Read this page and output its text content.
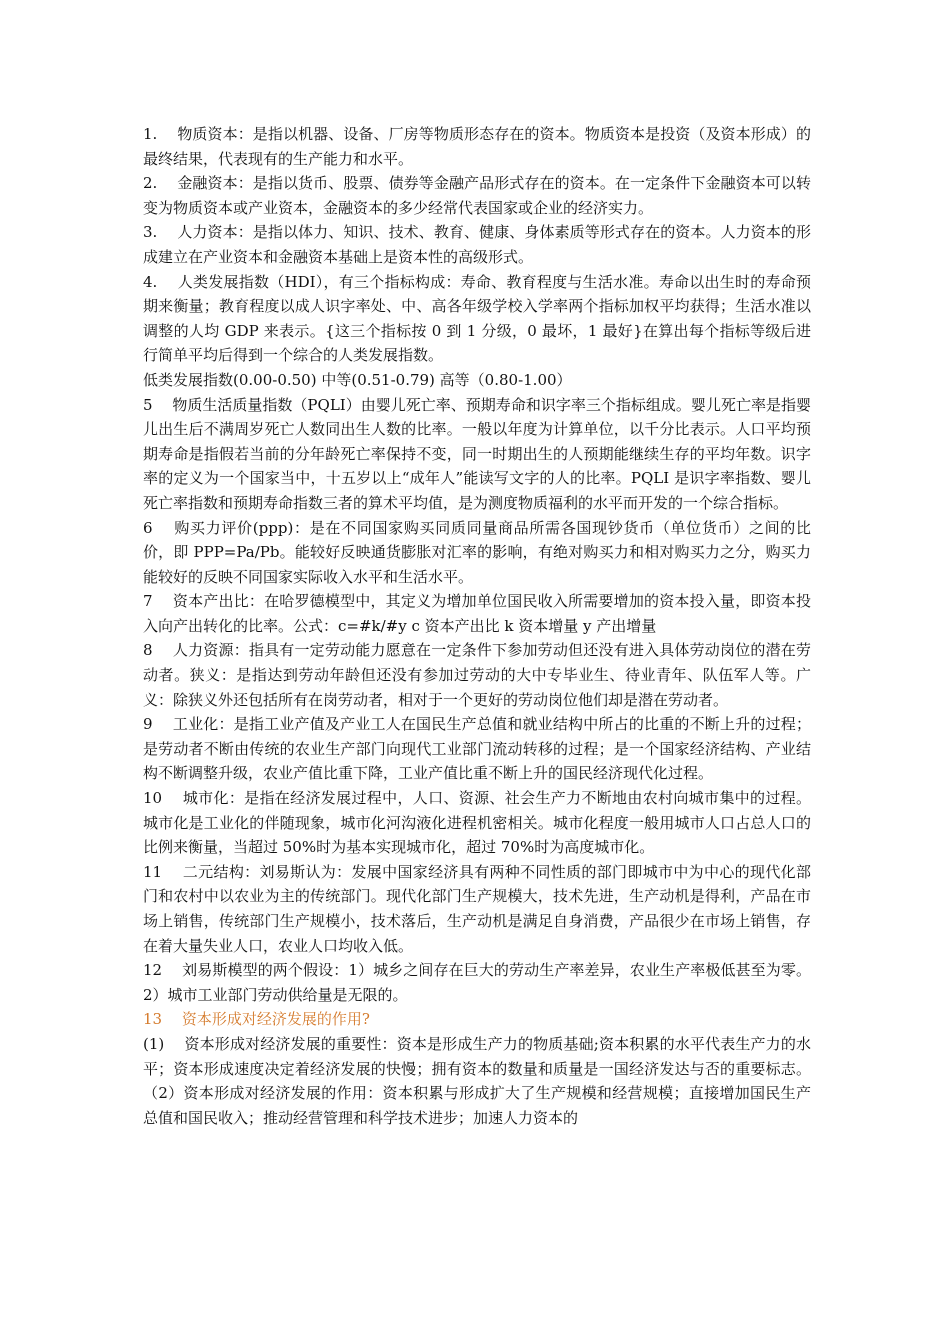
1.　 物质资本：是指以机器、设备、厂房等物质形态存在的资本。物质资本是投资（及资本形成）的最终结果，代表现有的生产能力和水平。

2.　 金融资本：是指以货币、股票、债券等金融产品形式存在的资本。在一定条件下金融资本可以转变为物质资本或产业资本，金融资本的多少经常代表国家或企业的经济实力。

3.　 人力资本：是指以体力、知识、技术、教育、健康、身体素质等形式存在的资本。人力资本的形成建立在产业资本和金融资本基础上是资本性的高级形式。

4.　 人类发展指数（HDI），有三个指标构成：寿命、教育程度与生活水准。寿命以出生时的寿命预期来衡量；教育程度以成人识字率处、中、高各年级学校入学率两个指标加权平均获得；生活水准以调整的人均 GDP 来表示。{这三个指标按 0 到 1 分级，0 最坏，1 最好}在算出每个指标等级后进行简单平均后得到一个综合的人类发展指数。

低类发展指数(0.00-0.50) 中等(0.51-0.79) 高等（0.80-1.00）

5　 物质生活质量指数（PQLI）由婴儿死亡率、预期寿命和识字率三个指标组成。婴儿死亡率是指婴儿出生后不满周岁死亡人数同出生人数的比率。一般以年度为计算单位，以千分比表示。人口平均预期寿命是指假若当前的分年龄死亡率保持不变，同一时期出生的人预期能继续生存的平均年数。识字率的定义为一个国家当中，十五岁以上“成年人”能读写文字的人的比率。PQLI 是识字率指数、婴儿死亡率指数和预期寿命指数三者的算术平均值，是为测度物质福利的水平而开发的一个综合指标。

6　 购买力评价(ppp)：是在不同国家购买同质同量商品所需各国现钞货币（单位货币）之间的比价，即 PPP=Pa/Pb。能较好反映通货膨胀对汇率的影响，有绝对购买力和相对购买力之分，购买力能较好的反映不同国家实际收入水平和生活水平。

7　 资本产出比：在哈罗德模型中，其定义为增加单位国民收入所需要增加的资本投入量，即资本投入向产出转化的比率。公式：c=#k/#y c 资本产出比 k 资本增量 y 产出增量

8　 人力资源：指具有一定劳动能力愿意在一定条件下参加劳动但还没有进入具体劳动岗位的潜在劳动者。狭义：是指达到劳动年龄但还没有参加过劳动的大中专毕业生、待业青年、队伍军人等。广义：除狭义外还包括所有在岗劳动者，相对于一个更好的劳动岗位他们却是潜在劳动者。

9　 工业化：是指工业产值及产业工人在国民生产总值和就业结构中所占的比重的不断上升的过程；是劳动者不断由传统的农业生产部门向现代工业部门流动转移的过程；是一个国家经济结构、产业结构不断调整升级，农业产值比重下降，工业产值比重不断上升的国民经济现代化过程。

10　 城市化：是指在经济发展过程中，人口、资源、社会生产力不断地由农村向城市集中的过程。城市化是工业化的伴随现象，城市化河沟液化进程机密相关。城市化程度一般用城市人口占总人口的比例来衡量，当超过 50%时为基本实现城市化，超过 70%时为高度城市化。

11　 二元结构：刘易斯认为：发展中国家经济具有两种不同性质的部门即城市中为中心的现代化部门和农村中以农业为主的传统部门。现代化部门生产规模大，技术先进，生产动机是得利，产品在市场上销售，传统部门生产规模小，技术落后，生产动机是满足自身消费，产品很少在市场上销售，存在着大量失业人口，农业人口均收入低。

12　 刘易斯模型的两个假设：1）城乡之间存在巨大的劳动生产率差异，农业生产率极低甚至为零。2）城市工业部门劳动供给量是无限的。

13　 资本形成对经济发展的作用?

(1)　 资本形成对经济发展的重要性：资本是形成生产力的物质基础;资本积累的水平代表生产力的水平；资本形成速度决定着经济发展的快慢；拥有资本的数量和质量是一国经济发达与否的重要标志。（2）资本形成对经济发展的作用：资本积累与形成扩大了生产规模和经营规模；直接增加国民生产总值和国民收入；推动经营管理和科学技术进步；加速人力资本的
